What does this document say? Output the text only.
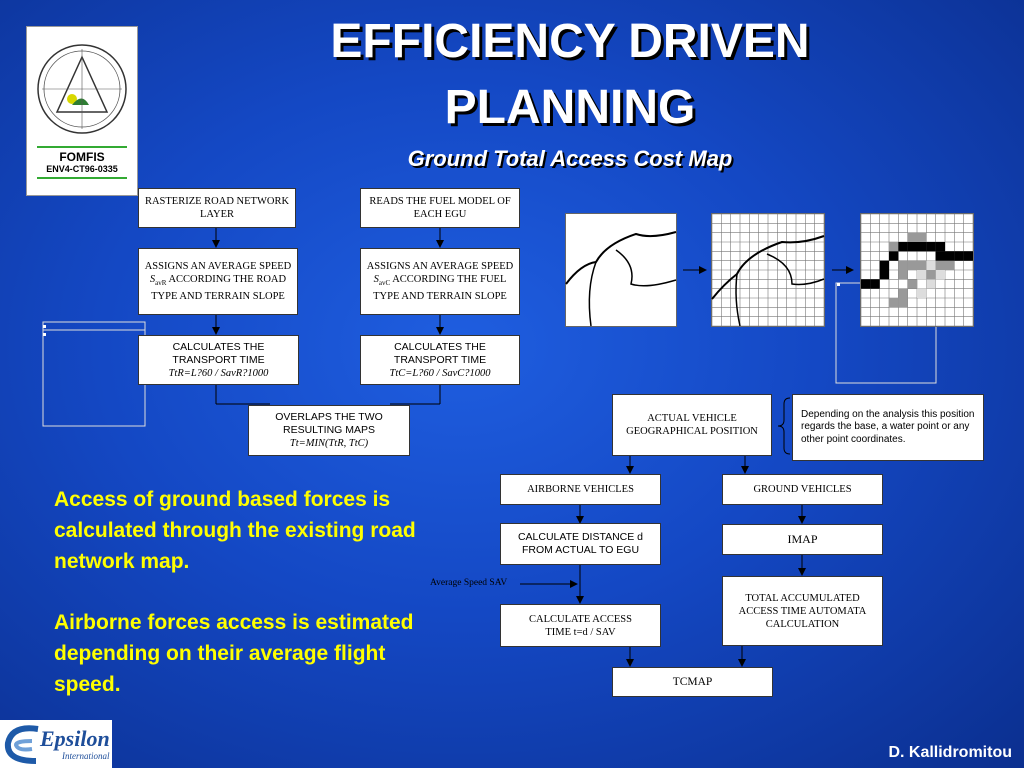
FOMFIS
ENV4-CT96-0335
EFFICIENCY DRIVEN
PLANNING
Ground Total Access Cost Map
RASTERIZE ROAD NETWORK LAYER
READS THE FUEL MODEL OF EACH EGU
ASSIGNS AN AVERAGE SPEED $S_{avR}$ ACCORDING THE ROAD TYPE AND TERRAIN SLOPE
ASSIGNS AN AVERAGE SPEED $S_{avC}$ ACCORDING THE FUEL TYPE AND TERRAIN SLOPE
CALCULATES THE
TRANSPORT TIME
TtR=L?60 / SavR?1000
CALCULATES THE
TRANSPORT TIME
TtC=L?60 / SavC?1000
OVERLAPS THE TWO
RESULTING MAPS
Tt=MIN(TtR, TtC)
ACTUAL VEHICLE GEOGRAPHICAL POSITION
Depending on the analysis this position regards the base, a water point or any other point coordinates.
AIRBORNE VEHICLES	GROUND VEHICLES
CALCULATE DISTANCE d FROM ACTUAL TO EGU
IMAP
Average Speed SAV
TOTAL ACCUMULATED ACCESS TIME AUTOMATA CALCULATION
CALCULATE ACCESS
TIME t=d / SAV
TCMAP
Access of ground based forces is calculated through the existing road network map.
Airborne forces access is estimated depending on their average flight speed.
Epsilon
International	D. Kallidromitou
